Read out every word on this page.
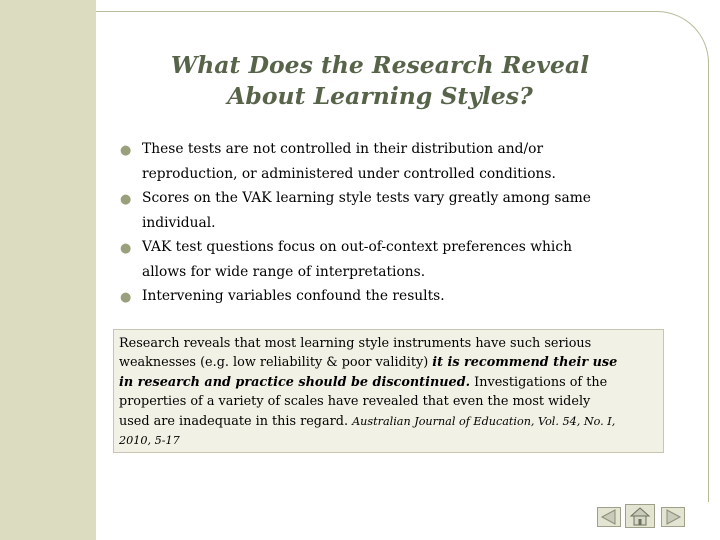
What Does the Research Reveal
About Learning Styles?
● These tests are not controlled in their distribution and/or
reproduction, or administered under controlled conditions.
● Scores on the VAK learning style tests vary greatly among same
individual.
● VAK test questions focus on out-of-context preferences which
allows for wide range of interpretations.
● Intervening variables confound the results.
Research reveals that most learning style instruments have such serious
weaknesses (e.g. low reliability & poor validity) it is recommend their use
in research and practice should be discontinued. Investigations of the
properties of a variety of scales have revealed that even the most widely
used are inadequate in this regard. Australian Journal of Education, Vol. 54, No. I,
2010, 5-17
